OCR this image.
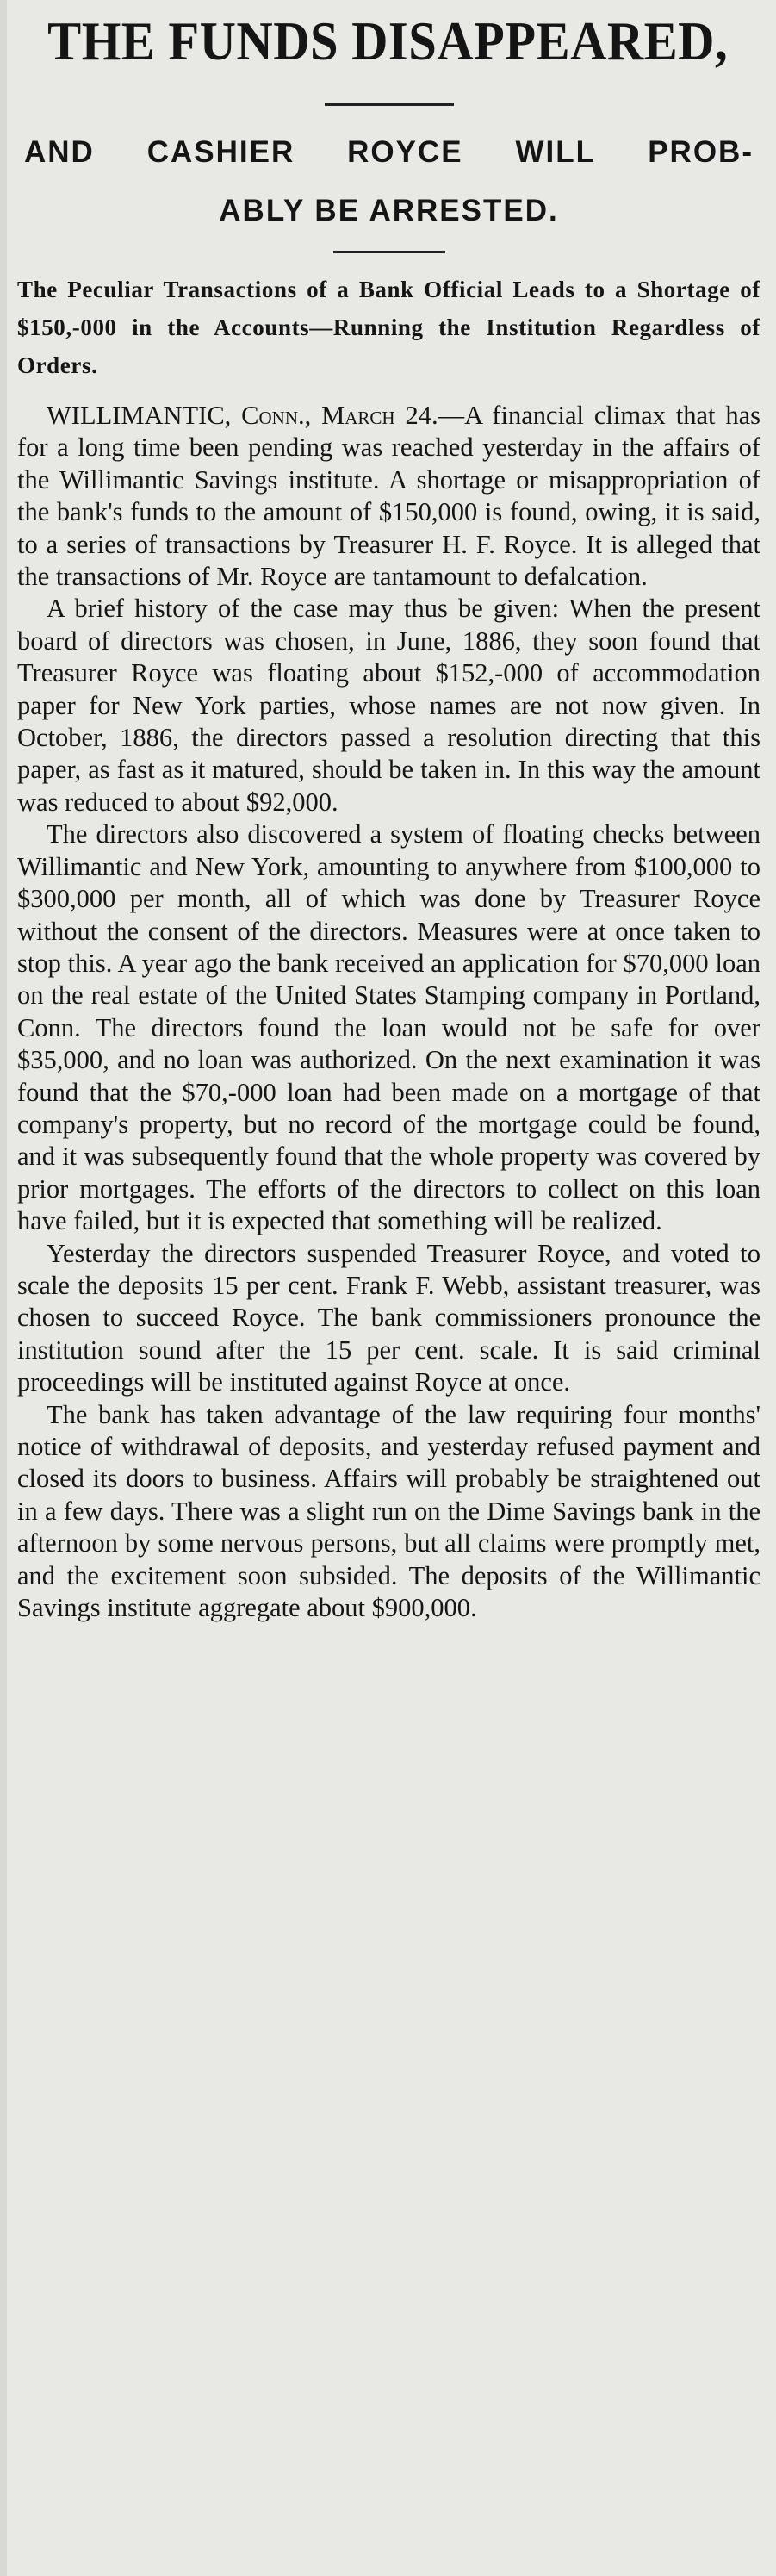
THE FUNDS DISAPPEARED,
AND CASHIER ROYCE WILL PROB-
ABLY BE ARRESTED.
The Peculiar Transactions of a Bank Official Leads to a Shortage of $150,-000 in the Accounts—Running the Institution Regardless of Orders.

WILLIMANTIC, Conn., March 24.—A financial climax that has for a long time been pending was reached yesterday in the affairs of the Willimantic Savings institute. A shortage or misappropriation of the bank's funds to the amount of $150,000 is found, owing, it is said, to a series of transactions by Treasurer H. F. Royce. It is alleged that the transactions of Mr. Royce are tantamount to defalcation.

A brief history of the case may thus be given: When the present board of directors was chosen, in June, 1886, they soon found that Treasurer Royce was floating about $152,-000 of accommodation paper for New York parties, whose names are not now given. In October, 1886, the directors passed a resolution directing that this paper, as fast as it matured, should be taken in. In this way the amount was reduced to about $92,000.

The directors also discovered a system of floating checks between Willimantic and New York, amounting to anywhere from $100,000 to $300,000 per month, all of which was done by Treasurer Royce without the consent of the directors. Measures were at once taken to stop this. A year ago the bank received an application for $70,000 loan on the real estate of the United States Stamping company in Portland, Conn. The directors found the loan would not be safe for over $35,000, and no loan was authorized. On the next examination it was found that the $70,-000 loan had been made on a mortgage of that company's property, but no record of the mortgage could be found, and it was subsequently found that the whole property was covered by prior mortgages. The efforts of the directors to collect on this loan have failed, but it is expected that something will be realized.

Yesterday the directors suspended Treasurer Royce, and voted to scale the deposits 15 per cent. Frank F. Webb, assistant treasurer, was chosen to succeed Royce. The bank commissioners pronounce the institution sound after the 15 per cent. scale. It is said criminal proceedings will be instituted against Royce at once.

The bank has taken advantage of the law requiring four months' notice of withdrawal of deposits, and yesterday refused payment and closed its doors to business. Affairs will probably be straightened out in a few days. There was a slight run on the Dime Savings bank in the afternoon by some nervous persons, but all claims were promptly met, and the excitement soon subsided. The deposits of the Willimantic Savings institute aggregate about $900,000.
